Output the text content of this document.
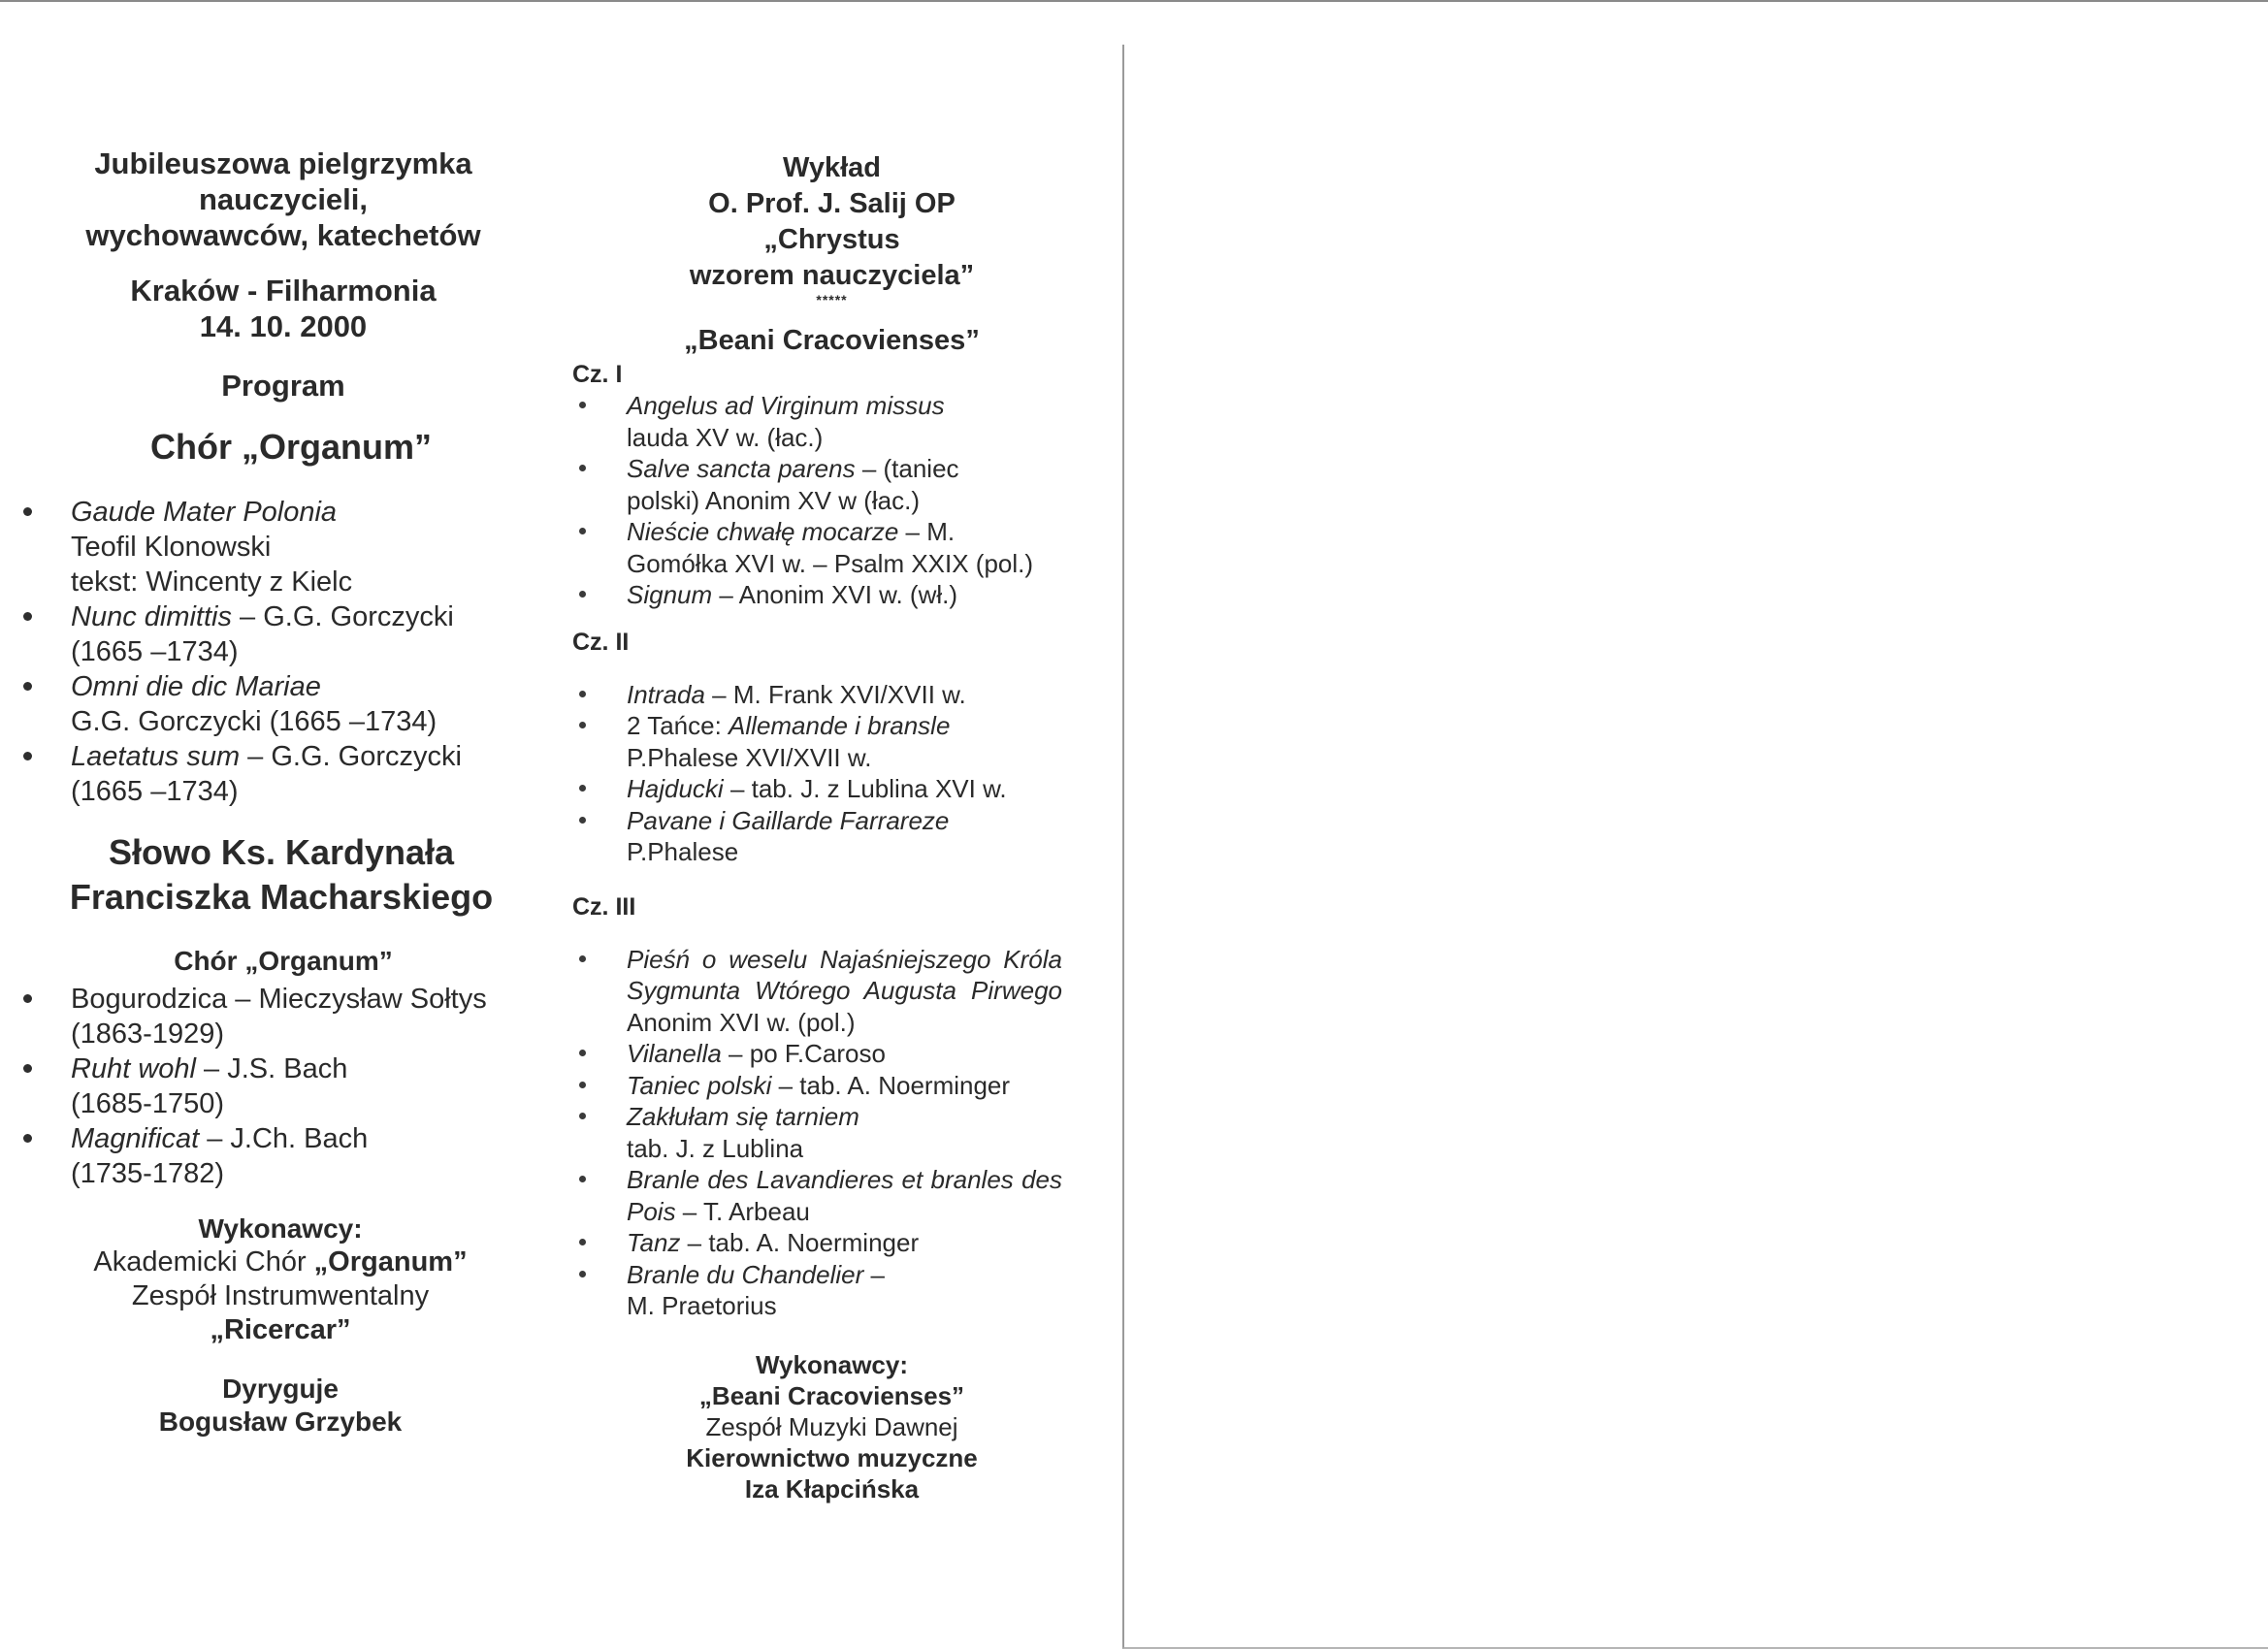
Jubileuszowa pielgrzymka
nauczycieli,
wychowawców, katechetów
Kraków - Filharmonia
14. 10. 2000
Program
Chór „Organum”
Gaude Mater Polonia
Teofil Klonowski
tekst: Wincenty z Kielc
Nunc dimittis – G.G. Gorczycki
(1665 –1734)
Omni die dic Mariae
G.G. Gorczycki (1665 –1734)
Laetatus sum – G.G. Gorczycki
(1665 –1734)
Słowo Ks. Kardynała
Franciszka Macharskiego
Chór „Organum”
Bogurodzica – Mieczysław Sołtys
(1863-1929)
Ruht wohl – J.S. Bach
(1685-1750)
Magnificat – J.Ch. Bach
(1735-1782)
Wykonawcy:
Akademicki Chór „Organum”
Zespół Instrumwentalny
„Ricercar”
Dyryguje
Bogusław Grzybek
Wykład
O. Prof. J. Salij OP
„Chrystus
wzorem nauczyciela”
*****
„Beani Cracovienses”
Cz. I
Angelus ad Virginum missus
lauda XV w. (łac.)
Salve sancta parens – (taniec
polski) Anonim XV w (łac.)
Nieście chwałę mocarze – M.
Gomółka XVI w. – Psalm XXIX (pol.)
Signum – Anonim XVI w. (wł.)
Cz. II
Intrada – M. Frank XVI/XVII w.
2 Tańce: Allemande i bransle
P.Phalese XVI/XVII w.
Hajducki – tab. J. z Lublina XVI w.
Pavane i Gaillarde Farrareze
P.Phalese
Cz. III
Pieśń o weselu Najaśniejszego Króla Sygmunta Wtórego Augusta Pirwego Anonim XVI w. (pol.)
Vilanella – po F.Caroso
Taniec polski – tab. A. Noerminger
Zakłułam się tarniem
tab. J. z Lublina
Branle des Lavandieres et branles des Pois – T. Arbeau
Tanz – tab. A. Noerminger
Branle du Chandelier –
M. Praetorius
Wykonawcy:
„Beani Cracovienses”
Zespół Muzyki Dawnej
Kierownictwo muzyczne
Iza Kłapcińska
